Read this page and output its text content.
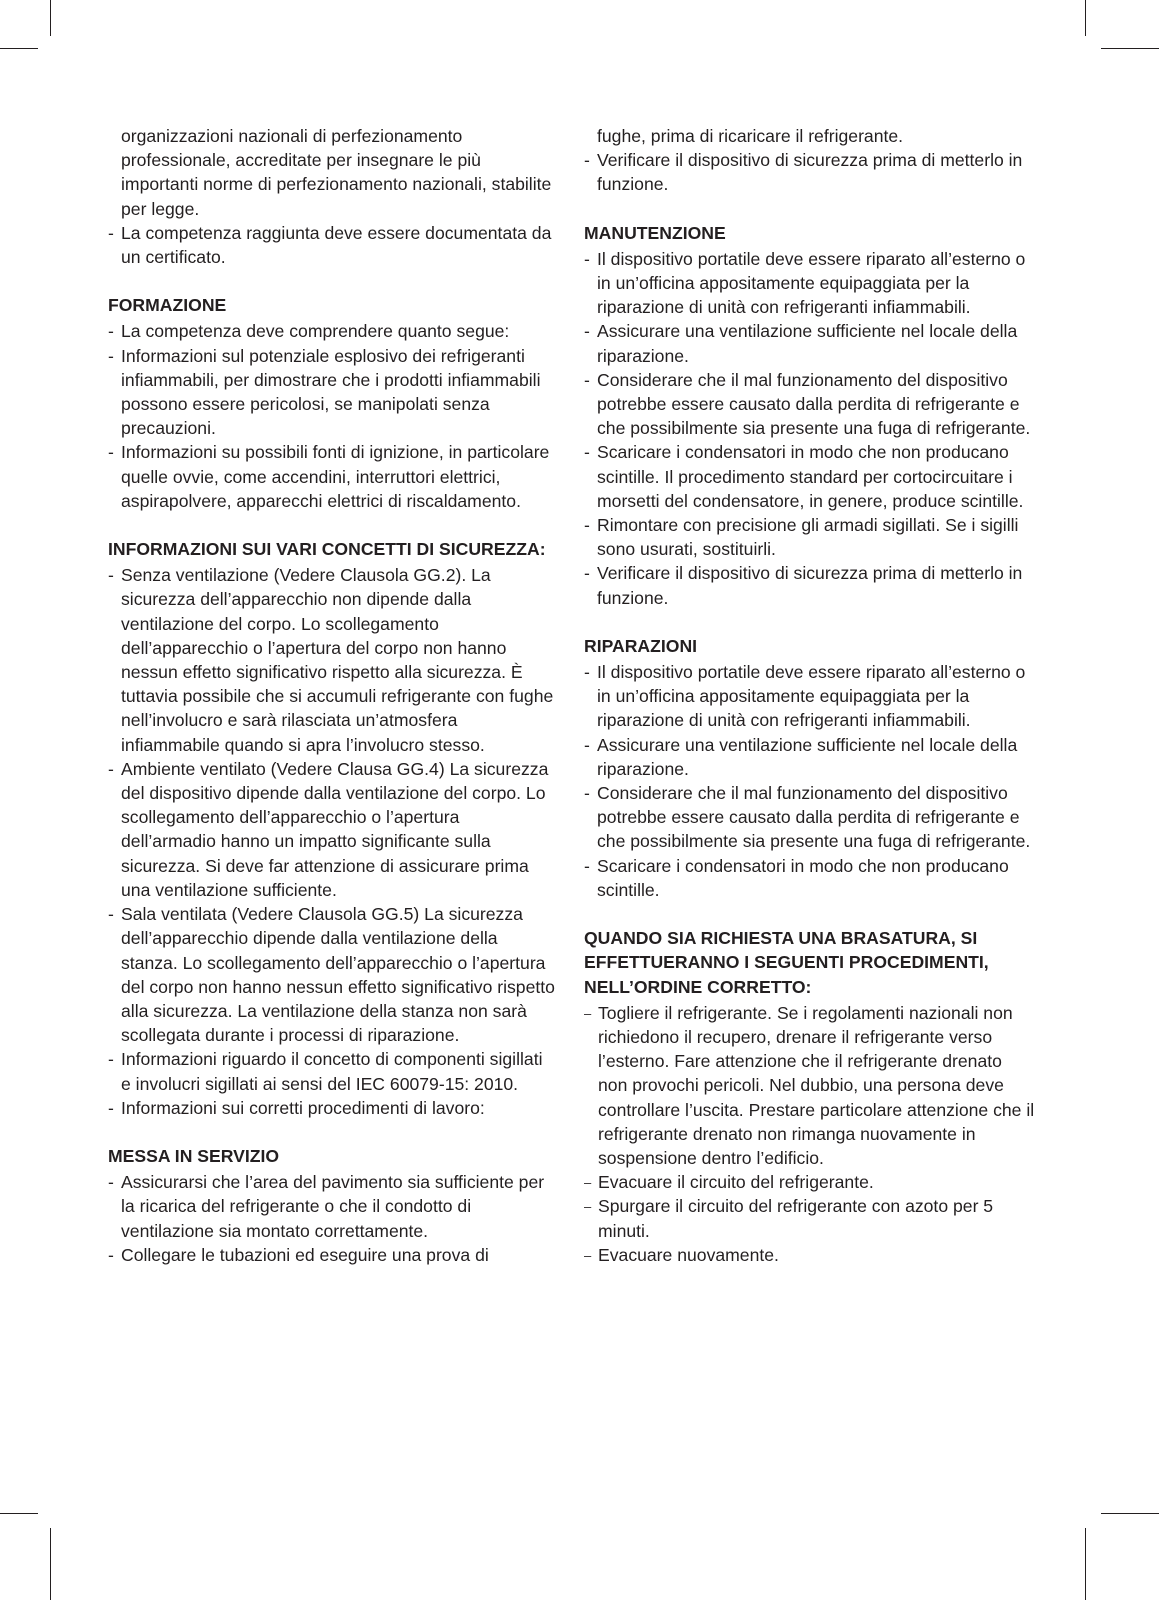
organizzazioni nazionali di perfezionamento professionale, accreditate per insegnare le più importanti norme di perfezionamento nazionali, stabilite per legge.
- La competenza raggiunta deve essere documentata da un certificato.
FORMAZIONE
- La competenza deve comprendere quanto segue:
- Informazioni sul potenziale esplosivo dei refrigeranti infiammabili, per dimostrare che i prodotti infiammabili possono essere pericolosi, se manipolati senza precauzioni.
- Informazioni su possibili fonti di ignizione, in particolare quelle ovvie, come accendini, interruttori elettrici, aspirapolvere, apparecchi elettrici di riscaldamento.
INFORMAZIONI SUI VARI CONCETTI DI SICUREZZA:
- Senza ventilazione (Vedere Clausola GG.2). La sicurezza dell’apparecchio non dipende dalla ventilazione del corpo. Lo scollegamento dell’apparecchio o l’apertura del corpo non hanno nessun effetto significativo rispetto alla sicurezza. È tuttavia possibile che si accumuli refrigerante con fughe nell’involucro e sarà rilasciata un’atmosfera infiammabile quando si apra l’involucro stesso.
- Ambiente ventilato (Vedere Clausa GG.4) La sicurezza del dispositivo dipende dalla ventilazione del corpo. Lo scollegamento dell’apparecchio o l’apertura dell’armadio hanno un impatto significante sulla sicurezza. Si deve far attenzione di assicurare prima una ventilazione sufficiente.
- Sala ventilata (Vedere Clausola GG.5) La sicurezza dell’apparecchio dipende dalla ventilazione della stanza. Lo scollegamento dell’apparecchio o l’apertura del corpo non hanno nessun effetto significativo rispetto alla sicurezza. La ventilazione della stanza non sarà scollegata durante i processi di riparazione.
- Informazioni riguardo il concetto di componenti sigillati e involucri sigillati ai sensi del IEC 60079-15: 2010.
- Informazioni sui corretti procedimenti di lavoro:
MESSA IN SERVIZIO
- Assicurarsi che l’area del pavimento sia sufficiente per la ricarica del refrigerante o che il condotto di ventilazione sia montato correttamente.
- Collegare le tubazioni ed eseguire una prova di
fughe, prima di ricaricare il refrigerante.
- Verificare il dispositivo di sicurezza prima di metterlo in funzione.
MANUTENZIONE
- Il dispositivo portatile deve essere riparato all’esterno o in un’officina appositamente equipaggiata per la riparazione di unità con refrigeranti infiammabili.
- Assicurare una ventilazione sufficiente nel locale della riparazione.
- Considerare che il mal funzionamento del dispositivo potrebbe essere causato dalla perdita di refrigerante e che possibilmente sia presente una fuga di refrigerante.
- Scaricare i condensatori in modo che non producano scintille. Il procedimento standard per cortocircuitare i morsetti del condensatore, in genere, produce scintille.
- Rimontare con precisione gli armadi sigillati. Se i sigilli sono usurati, sostituirli.
- Verificare il dispositivo di sicurezza prima di metterlo in funzione.
RIPARAZIONI
- Il dispositivo portatile deve essere riparato all’esterno o in un’officina appositamente equipaggiata per la riparazione di unità con refrigeranti infiammabili.
- Assicurare una ventilazione sufficiente nel locale della riparazione.
- Considerare che il mal funzionamento del dispositivo potrebbe essere causato dalla perdita di refrigerante e che possibilmente sia presente una fuga di refrigerante.
- Scaricare i condensatori in modo che non producano scintille.
QUANDO SIA RICHIESTA UNA BRASATURA, SI EFFETTUERANNO I SEGUENTI PROCEDIMENTI, NELL’ORDINE CORRETTO:
– Togliere il refrigerante. Se i regolamenti nazionali non richiedono il recupero, drenare il refrigerante verso l’esterno. Fare attenzione che il refrigerante drenato non provochi pericoli. Nel dubbio, una persona deve controllare l’uscita. Prestare particolare attenzione che il refrigerante drenato non rimanga nuovamente in sospensione dentro l’edificio.
– Evacuare il circuito del refrigerante.
– Spurgare il circuito del refrigerante con azoto per 5 minuti.
– Evacuare nuovamente.
